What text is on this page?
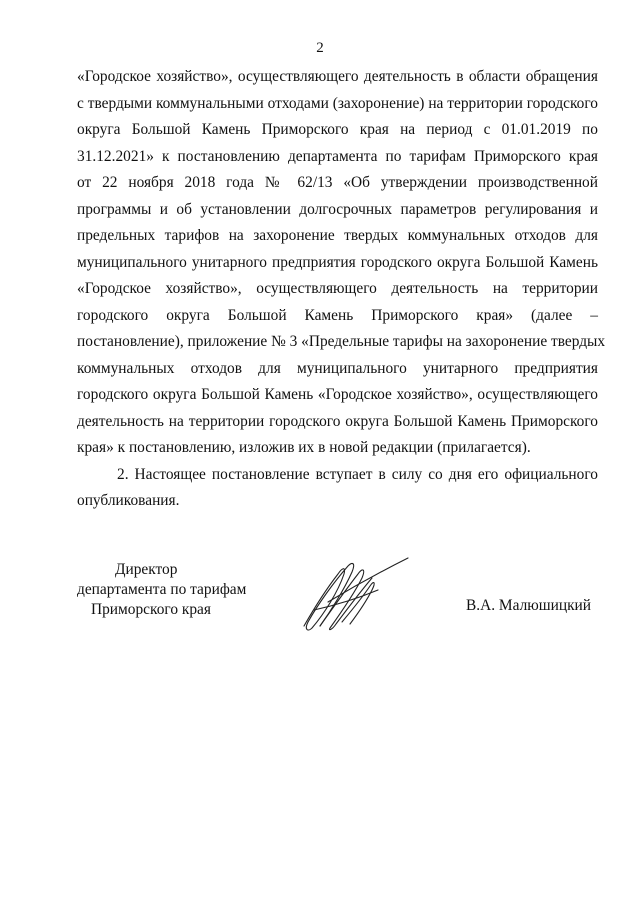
2
«Городское хозяйство», осуществляющего деятельность в области обращения
с твердыми коммунальными отходами (захоронение) на территории городского
округа Большой Камень Приморского края на период с 01.01.2019 по
31.12.2021» к постановлению департамента по тарифам Приморского края
от 22 ноября 2018 года № 62/13 «Об утверждении производственной
программы и об установлении долгосрочных параметров регулирования и
предельных тарифов на захоронение твердых коммунальных отходов для
муниципального унитарного предприятия городского округа Большой Камень
«Городское хозяйство», осуществляющего деятельность на территории
городского округа Большой Камень Приморского края» (далее –
постановление), приложение № 3 «Предельные тарифы на захоронение твердых
коммунальных отходов для муниципального унитарного предприятия
городского округа Большой Камень «Городское хозяйство», осуществляющего
деятельность на территории городского округа Большой Камень Приморского
края» к постановлению, изложив их в новой редакции (прилагается).
2. Настоящее постановление вступает в силу со дня его официального
опубликования.
Директор
департамента по тарифам
Приморского края	В.А. Малюшицкий
